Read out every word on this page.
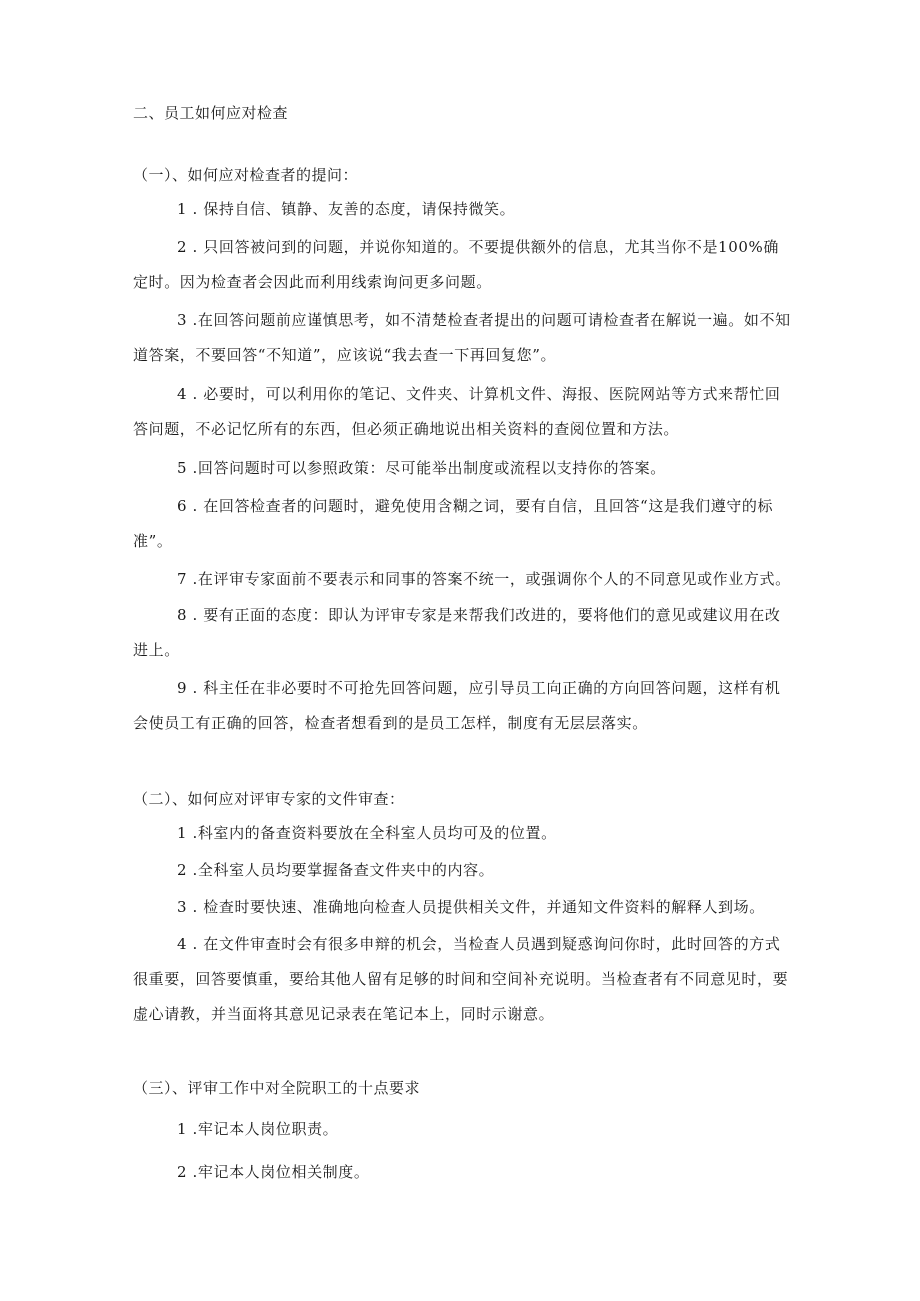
二、员工如何应对检查
（一）、如何应对检查者的提问：
1 . 保持自信、镇静、友善的态度，请保持微笑。
2 . 只回答被问到的问题，并说你知道的。不要提供额外的信息，尤其当你不是100%确定时。因为检查者会因此而利用线索询问更多问题。
3 .在回答问题前应谨慎思考，如不清楚检查者提出的问题可请检查者在解说一遍。如不知道答案，不要回答“不知道”，应该说“我去查一下再回复您”。
4 . 必要时，可以利用你的笔记、文件夹、计算机文件、海报、医院网站等方式来帮忙回答问题，不必记忆所有的东西，但必须正确地说出相关资料的查阅位置和方法。
5 .回答问题时可以参照政策：尽可能举出制度或流程以支持你的答案。
6 . 在回答检查者的问题时，避免使用含糊之词，要有自信，且回答“这是我们遵守的标准”。
7 .在评审专家面前不要表示和同事的答案不统一，或强调你个人的不同意见或作业方式。
8 . 要有正面的态度：即认为评审专家是来帮我们改进的，要将他们的意见或建议用在改进上。
9 . 科主任在非必要时不可抢先回答问题，应引导员工向正确的方向回答问题，这样有机会使员工有正确的回答，检查者想看到的是员工怎样，制度有无层层落实。
（二）、如何应对评审专家的文件审查：
1 .科室内的备查资料要放在全科室人员均可及的位置。
2 .全科室人员均要掌握备查文件夹中的内容。
3 . 检查时要快速、准确地向检查人员提供相关文件，并通知文件资料的解释人到场。
4 . 在文件审查时会有很多申辩的机会，当检查人员遇到疑惑询问你时，此时回答的方式很重要，回答要慎重，要给其他人留有足够的时间和空间补充说明。当检查者有不同意见时，要虚心请教，并当面将其意见记录表在笔记本上，同时示谢意。
（三）、评审工作中对全院职工的十点要求
1 .牢记本人岗位职责。
2 .牢记本人岗位相关制度。
